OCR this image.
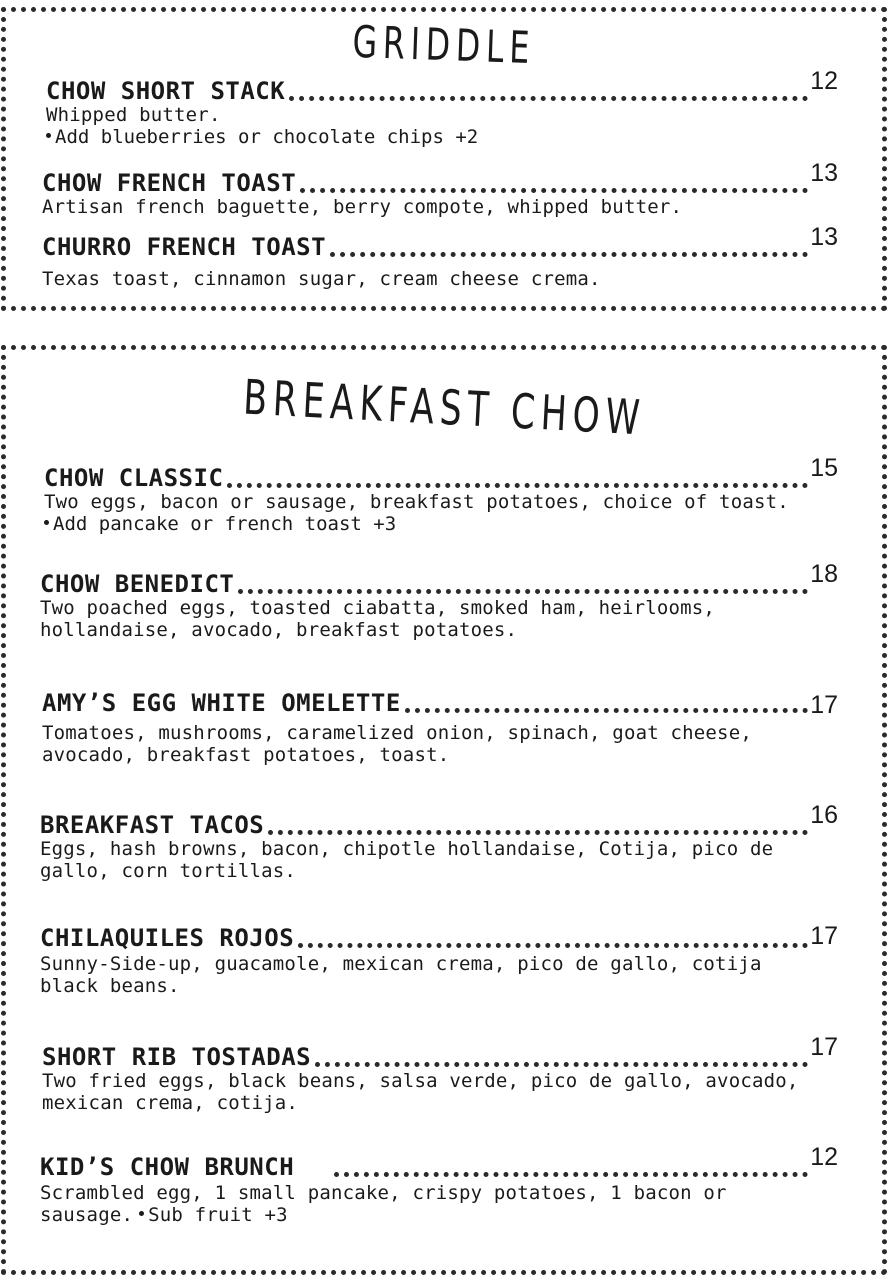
GRIDDLE
CHOW SHORT STACK	12
Whipped butter.
Add blueberries or chocolate chips +2
CHOW FRENCH TOAST	13
Artisan french baguette, berry compote, whipped butter.
CHURRO FRENCH TOAST	13
Texas toast, cinnamon sugar, cream cheese crema.
BREAKFAST CHOW
CHOW CLASSIC	15
Two eggs, bacon or sausage, breakfast potatoes, choice of toast.
Add pancake or french toast +3
CHOW BENEDICT	18
Two poached eggs, toasted ciabatta, smoked ham, heirlooms,
hollandaise, avocado, breakfast potatoes.
AMY’S EGG WHITE OMELETTE	17
Tomatoes, mushrooms, caramelized onion, spinach, goat cheese,
avocado, breakfast potatoes, toast.
BREAKFAST TACOS	16
Eggs, hash browns, bacon, chipotle hollandaise, Cotija, pico de
gallo, corn tortillas.
CHILAQUILES ROJOS	17
Sunny-Side-up, guacamole, mexican crema, pico de gallo, cotija
black beans.
SHORT RIB TOSTADAS	17
Two fried eggs, black beans, salsa verde, pico de gallo, avocado,
mexican crema, cotija.
KID’S CHOW BRUNCH	12
Scrambled egg, 1 small pancake, crispy potatoes, 1 bacon or
sausage. Sub fruit +3
